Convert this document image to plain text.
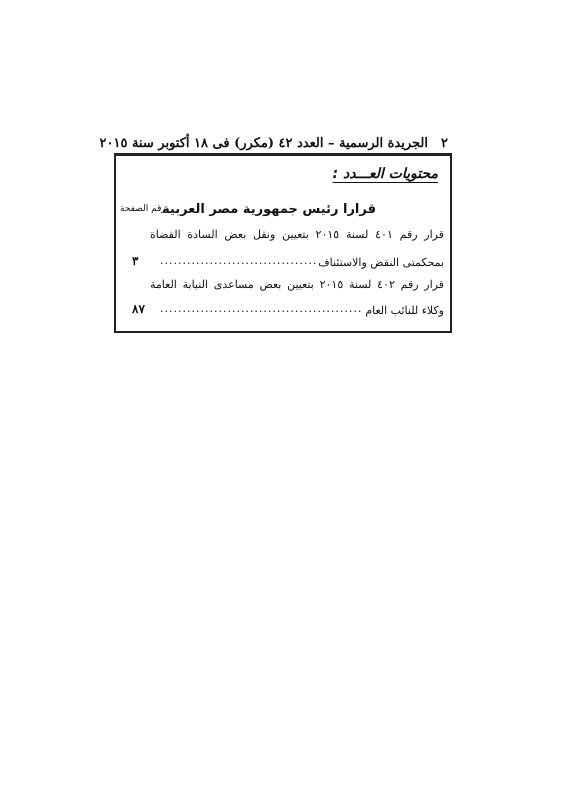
٢
الجريدة الرسمية – العدد ٤٢ (مكرر) فى ١٨ أكتوبر سنة ٢٠١٥
محتويات العـــدد :
قرارا رئيس جمهورية مصر العربية
رقم الصفحة
قرار رقم ٤٠١ لسنة ٢٠١٥ بتعيين ونقل بعض السادة القضاة
بمحكمتى النقض والاستئناف
...................................
٣
قرار رقم ٤٠٢ لسنة ٢٠١٥ بتعيين بعض مساعدى النيابة العامة
وكلاء للنائب العام
.............................................
٨٧
